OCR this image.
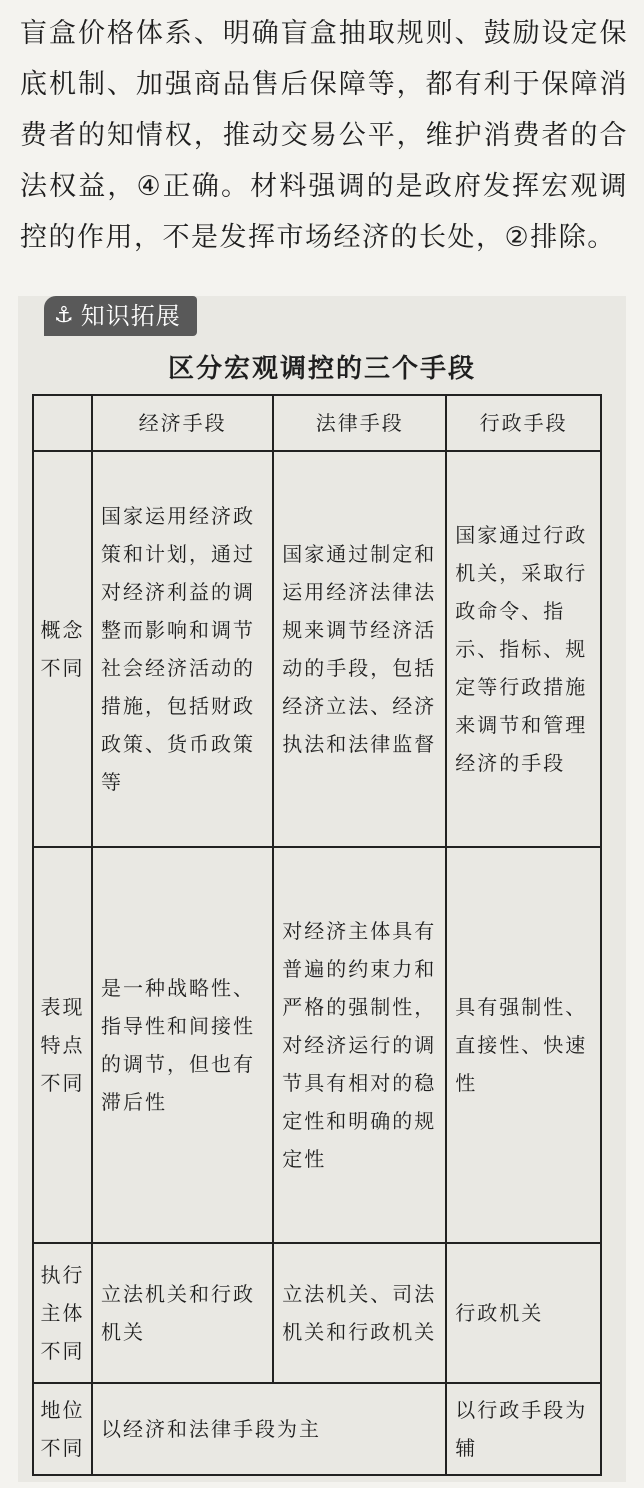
盲盒价格体系、明确盲盒抽取规则、鼓励设定保底机制、加强商品售后保障等，都有利于保障消费者的知情权，推动交易公平，维护消费者的合法权益，④正确。材料强调的是政府发挥宏观调控的作用，不是发挥市场经济的长处，②排除。

⚓ 知识拓展
区分宏观调控的三个手段
	经济手段	法律手段	行政手段
概念不同	国家运用经济政策和计划，通过对经济利益的调整而影响和调节社会经济活动的措施，包括财政政策、货币政策等	国家通过制定和运用经济法律法规来调节经济活动的手段，包括经济立法、经济执法和法律监督	国家通过行政机关，采取行政命令、指示、指标、规定等行政措施来调节和管理经济的手段
表现特点不同	是一种战略性、指导性和间接性的调节，但也有滞后性	对经济主体具有普遍的约束力和严格的强制性，对经济运行的调节具有相对的稳定性和明确的规定性	具有强制性、直接性、快速性
执行主体不同	立法机关和行政机关	立法机关、司法机关和行政机关	行政机关
地位不同	以经济和法律手段为主		以行政手段为辅
